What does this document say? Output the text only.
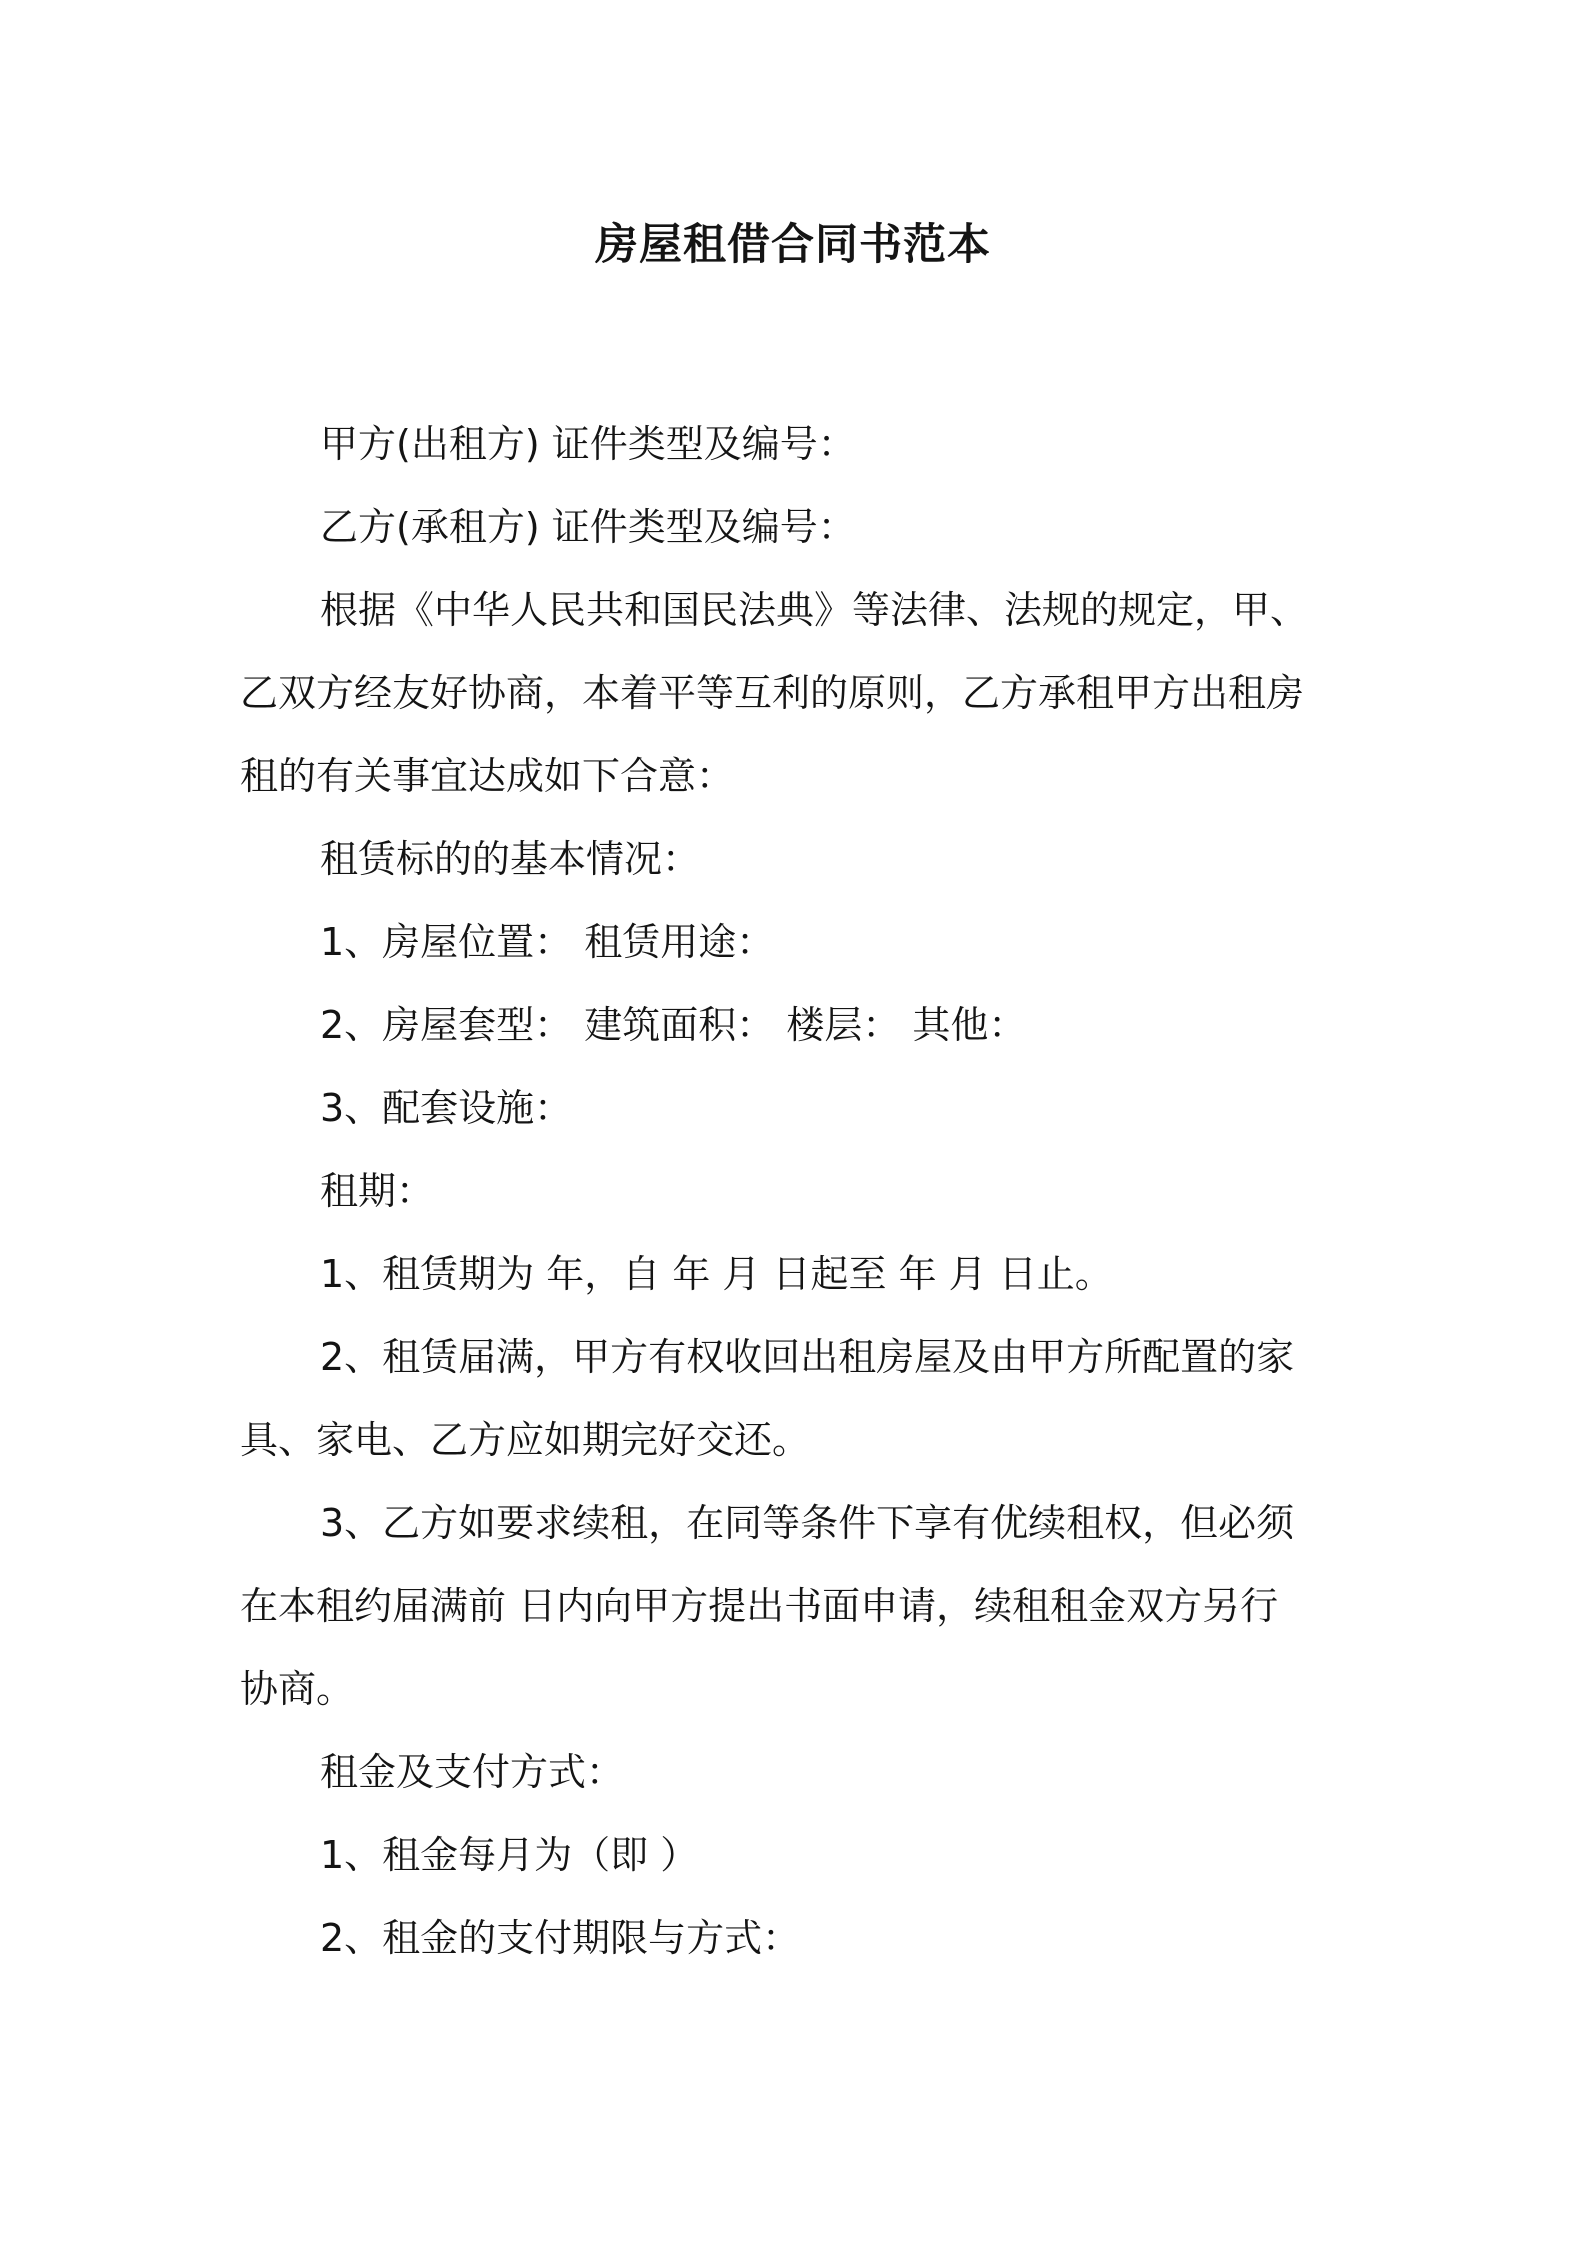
房屋租借合同书范本

甲方(出租方) 证件类型及编号：

乙方(承租方) 证件类型及编号：

根据《中华人民共和国民法典》等法律、法规的规定，甲、
乙双方经友好协商，本着平等互利的原则，乙方承租甲方出租房
租的有关事宜达成如下合意：

租赁标的的基本情况：

1、房屋位置： 租赁用途：

2、房屋套型： 建筑面积： 楼层： 其他：

3、配套设施：

租期：

1、租赁期为 年，自 年 月 日起至 年 月 日止。

2、租赁届满，甲方有权收回出租房屋及由甲方所配置的家
具、家电、乙方应如期完好交还。

3、乙方如要求续租，在同等条件下享有优续租权，但必须
在本租约届满前 日内向甲方提出书面申请，续租租金双方另行
协商。

租金及支付方式：

1、租金每月为（即 ）

2、租金的支付期限与方式：
